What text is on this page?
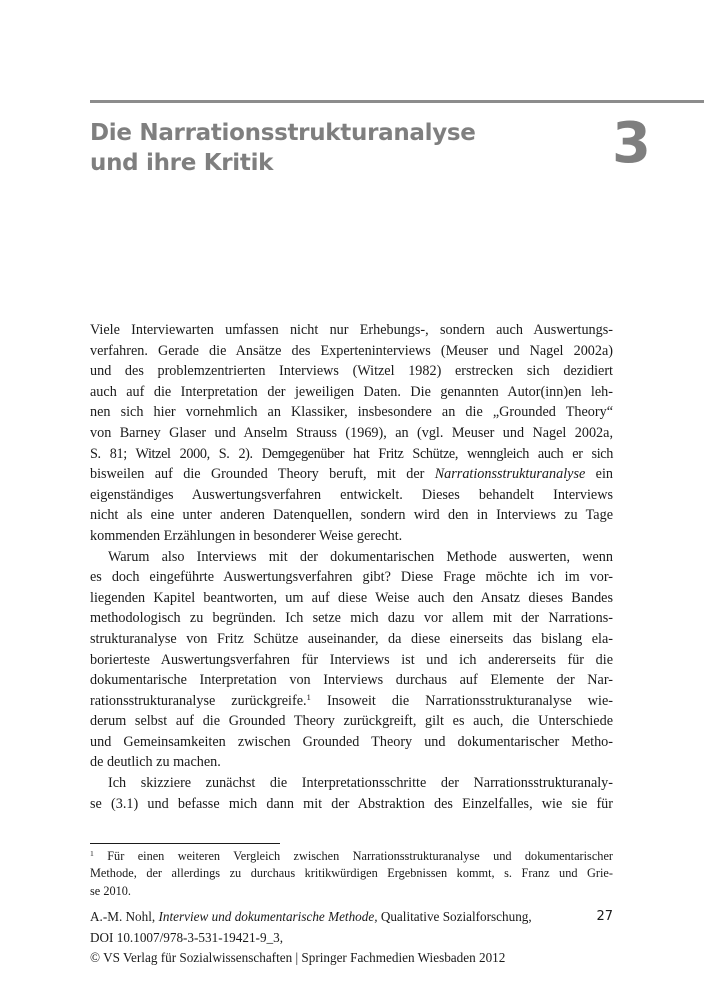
Die Narrationsstrukturanalyse
und ihre Kritik	3
Viele Interviewarten umfassen nicht nur Erhebungs-, sondern auch Auswertungs-
verfahren. Gerade die Ansätze des Experteninterviews (Meuser und Nagel 2002a)
und des problemzentrierten Interviews (Witzel 1982) erstrecken sich dezidiert
auch auf die Interpretation der jeweiligen Daten. Die genannten Autor(inn)en leh-
nen sich hier vornehmlich an Klassiker, insbesondere an die „Grounded Theory“
von Barney Glaser und Anselm Strauss (1969), an (vgl. Meuser und Nagel 2002a,
S. 81; Witzel 2000, S. 2). Demgegenüber hat Fritz Schütze, wenngleich auch er sich
bisweilen auf die Grounded Theory beruft, mit der Narrationsstrukturanalyse ein
eigenständiges Auswertungsverfahren entwickelt. Dieses behandelt Interviews
nicht als eine unter anderen Datenquellen, sondern wird den in Interviews zu Tage
kommenden Erzählungen in besonderer Weise gerecht.
Warum also Interviews mit der dokumentarischen Methode auswerten, wenn
es doch eingeführte Auswertungsverfahren gibt? Diese Frage möchte ich im vor-
liegenden Kapitel beantworten, um auf diese Weise auch den Ansatz dieses Bandes
methodologisch zu begründen. Ich setze mich dazu vor allem mit der Narrations-
strukturanalyse von Fritz Schütze auseinander, da diese einerseits das bislang ela-
borierteste Auswertungsverfahren für Interviews ist und ich andererseits für die
dokumentarische Interpretation von Interviews durchaus auf Elemente der Nar-
rationsstrukturanalyse zurückgreife.$^1$ Insoweit die Narrationsstrukturanalyse wie-
derum selbst auf die Grounded Theory zurückgreift, gilt es auch, die Unterschiede
und Gemeinsamkeiten zwischen Grounded Theory und dokumentarischer Metho-
de deutlich zu machen.
Ich skizziere zunächst die Interpretationsschritte der Narrationsstrukturanaly-
se (3.1) und befasse mich dann mit der Abstraktion des Einzelfalles, wie sie für
$^1$ Für einen weiteren Vergleich zwischen Narrationsstrukturanalyse und dokumentarischer
Methode, der allerdings zu durchaus kritikwürdigen Ergebnissen kommt, s. Franz und Grie-
se 2010.
A.-M. Nohl, Interview und dokumentarische Methode, Qualitative Sozialforschung,
DOI 10.1007/978-3-531-19421-9_3,
© VS Verlag für Sozialwissenschaften | Springer Fachmedien Wiesbaden 2012
27
